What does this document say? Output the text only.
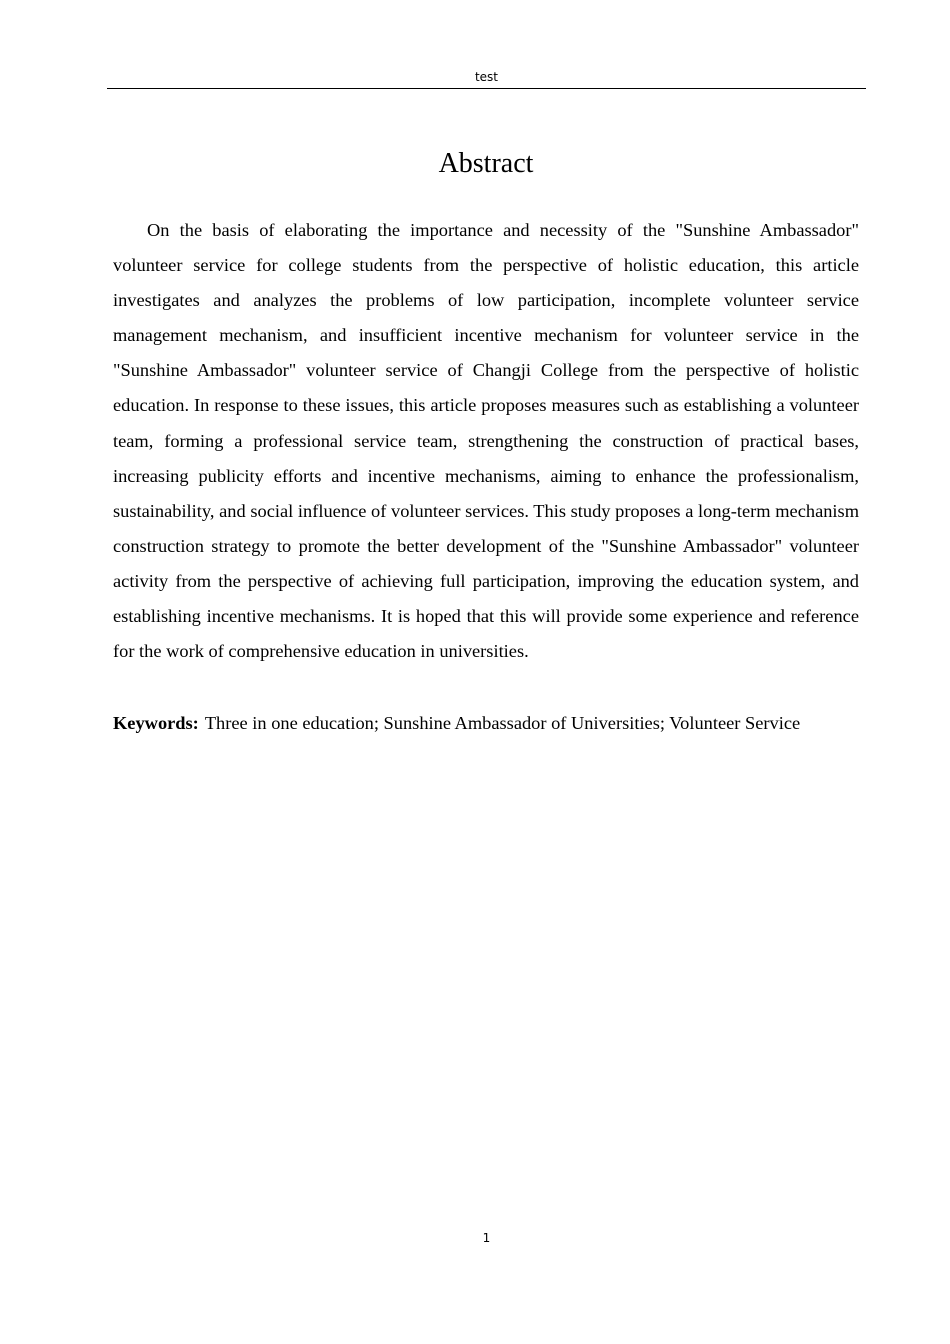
test
Abstract

On the basis of elaborating the importance and necessity of the "Sunshine Ambassador" volunteer service for college students from the perspective of holistic education, this article investigates and analyzes the problems of low participation, incomplete volunteer service management mechanism, and insufficient incentive mechanism for volunteer service in the "Sunshine Ambassador" volunteer service of Changji College from the perspective of holistic education. In response to these issues, this article proposes measures such as establishing a volunteer team, forming a professional service team, strengthening the construction of practical bases, increasing publicity efforts and incentive mechanisms, aiming to enhance the professionalism, sustainability, and social influence of volunteer services. This study proposes a long-term mechanism construction strategy to promote the better development of the "Sunshine Ambassador" volunteer activity from the perspective of achieving full participation, improving the education system, and establishing incentive mechanisms. It is hoped that this will provide some experience and reference for the work of comprehensive education in universities.

Keywords: Three in one education; Sunshine Ambassador of Universities; Volunteer Service

1
